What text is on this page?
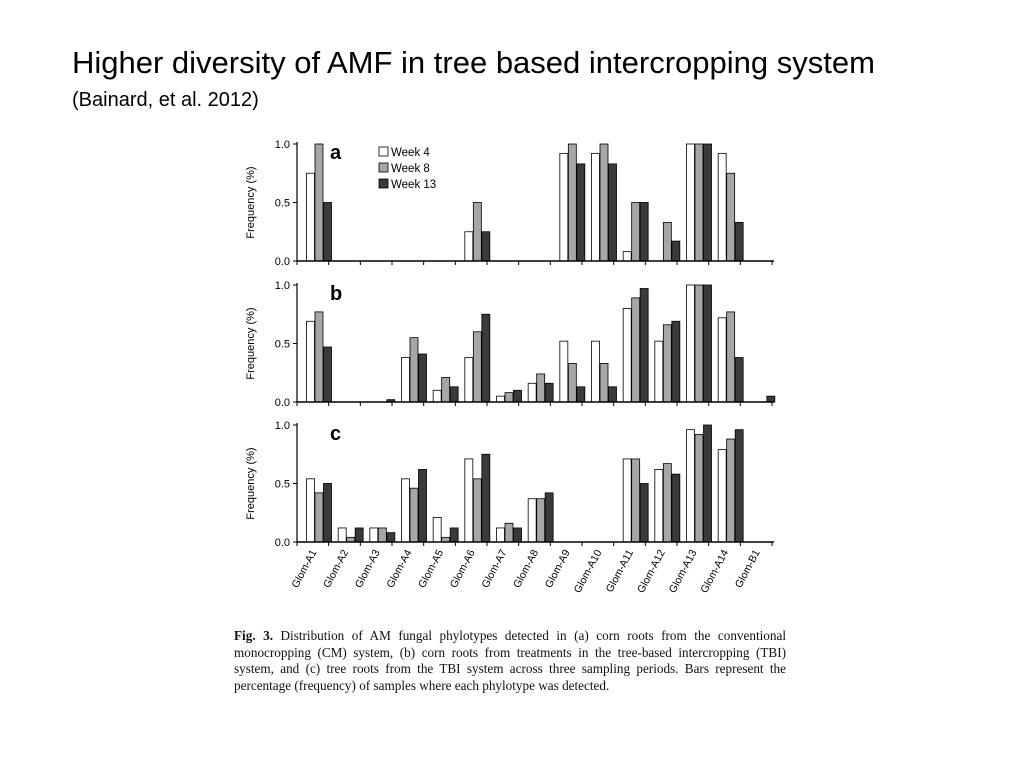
Higher diversity of AMF in tree based intercropping system
(Bainard, et al. 2012)
0.0
0.5
1.0
Frequency (%)
a
0.0
0.5
1.0
Frequency (%)
b
0.0
0.5
1.0
Frequency (%)
c
Glom-A1 Glom-A2 Glom-A3 Glom-A4 Glom-A5 Glom-A6 Glom-A7 Glom-A8 Glom-A9
Glom-A10 Glom-A11
Glom-A12
Glom-A13
Glom-A14 Glom-B1
Week 4
Week 8
Week 13
Fig. 3. Distribution of AM fungal phylotypes detected in (a) corn roots from the conventional monocropping (CM) system, (b) corn roots from treatments in the tree-based intercropping (TBI) system, and (c) tree roots from the TBI system across three sampling periods. Bars represent the percentage (frequency) of samples where each phylotype was detected.
